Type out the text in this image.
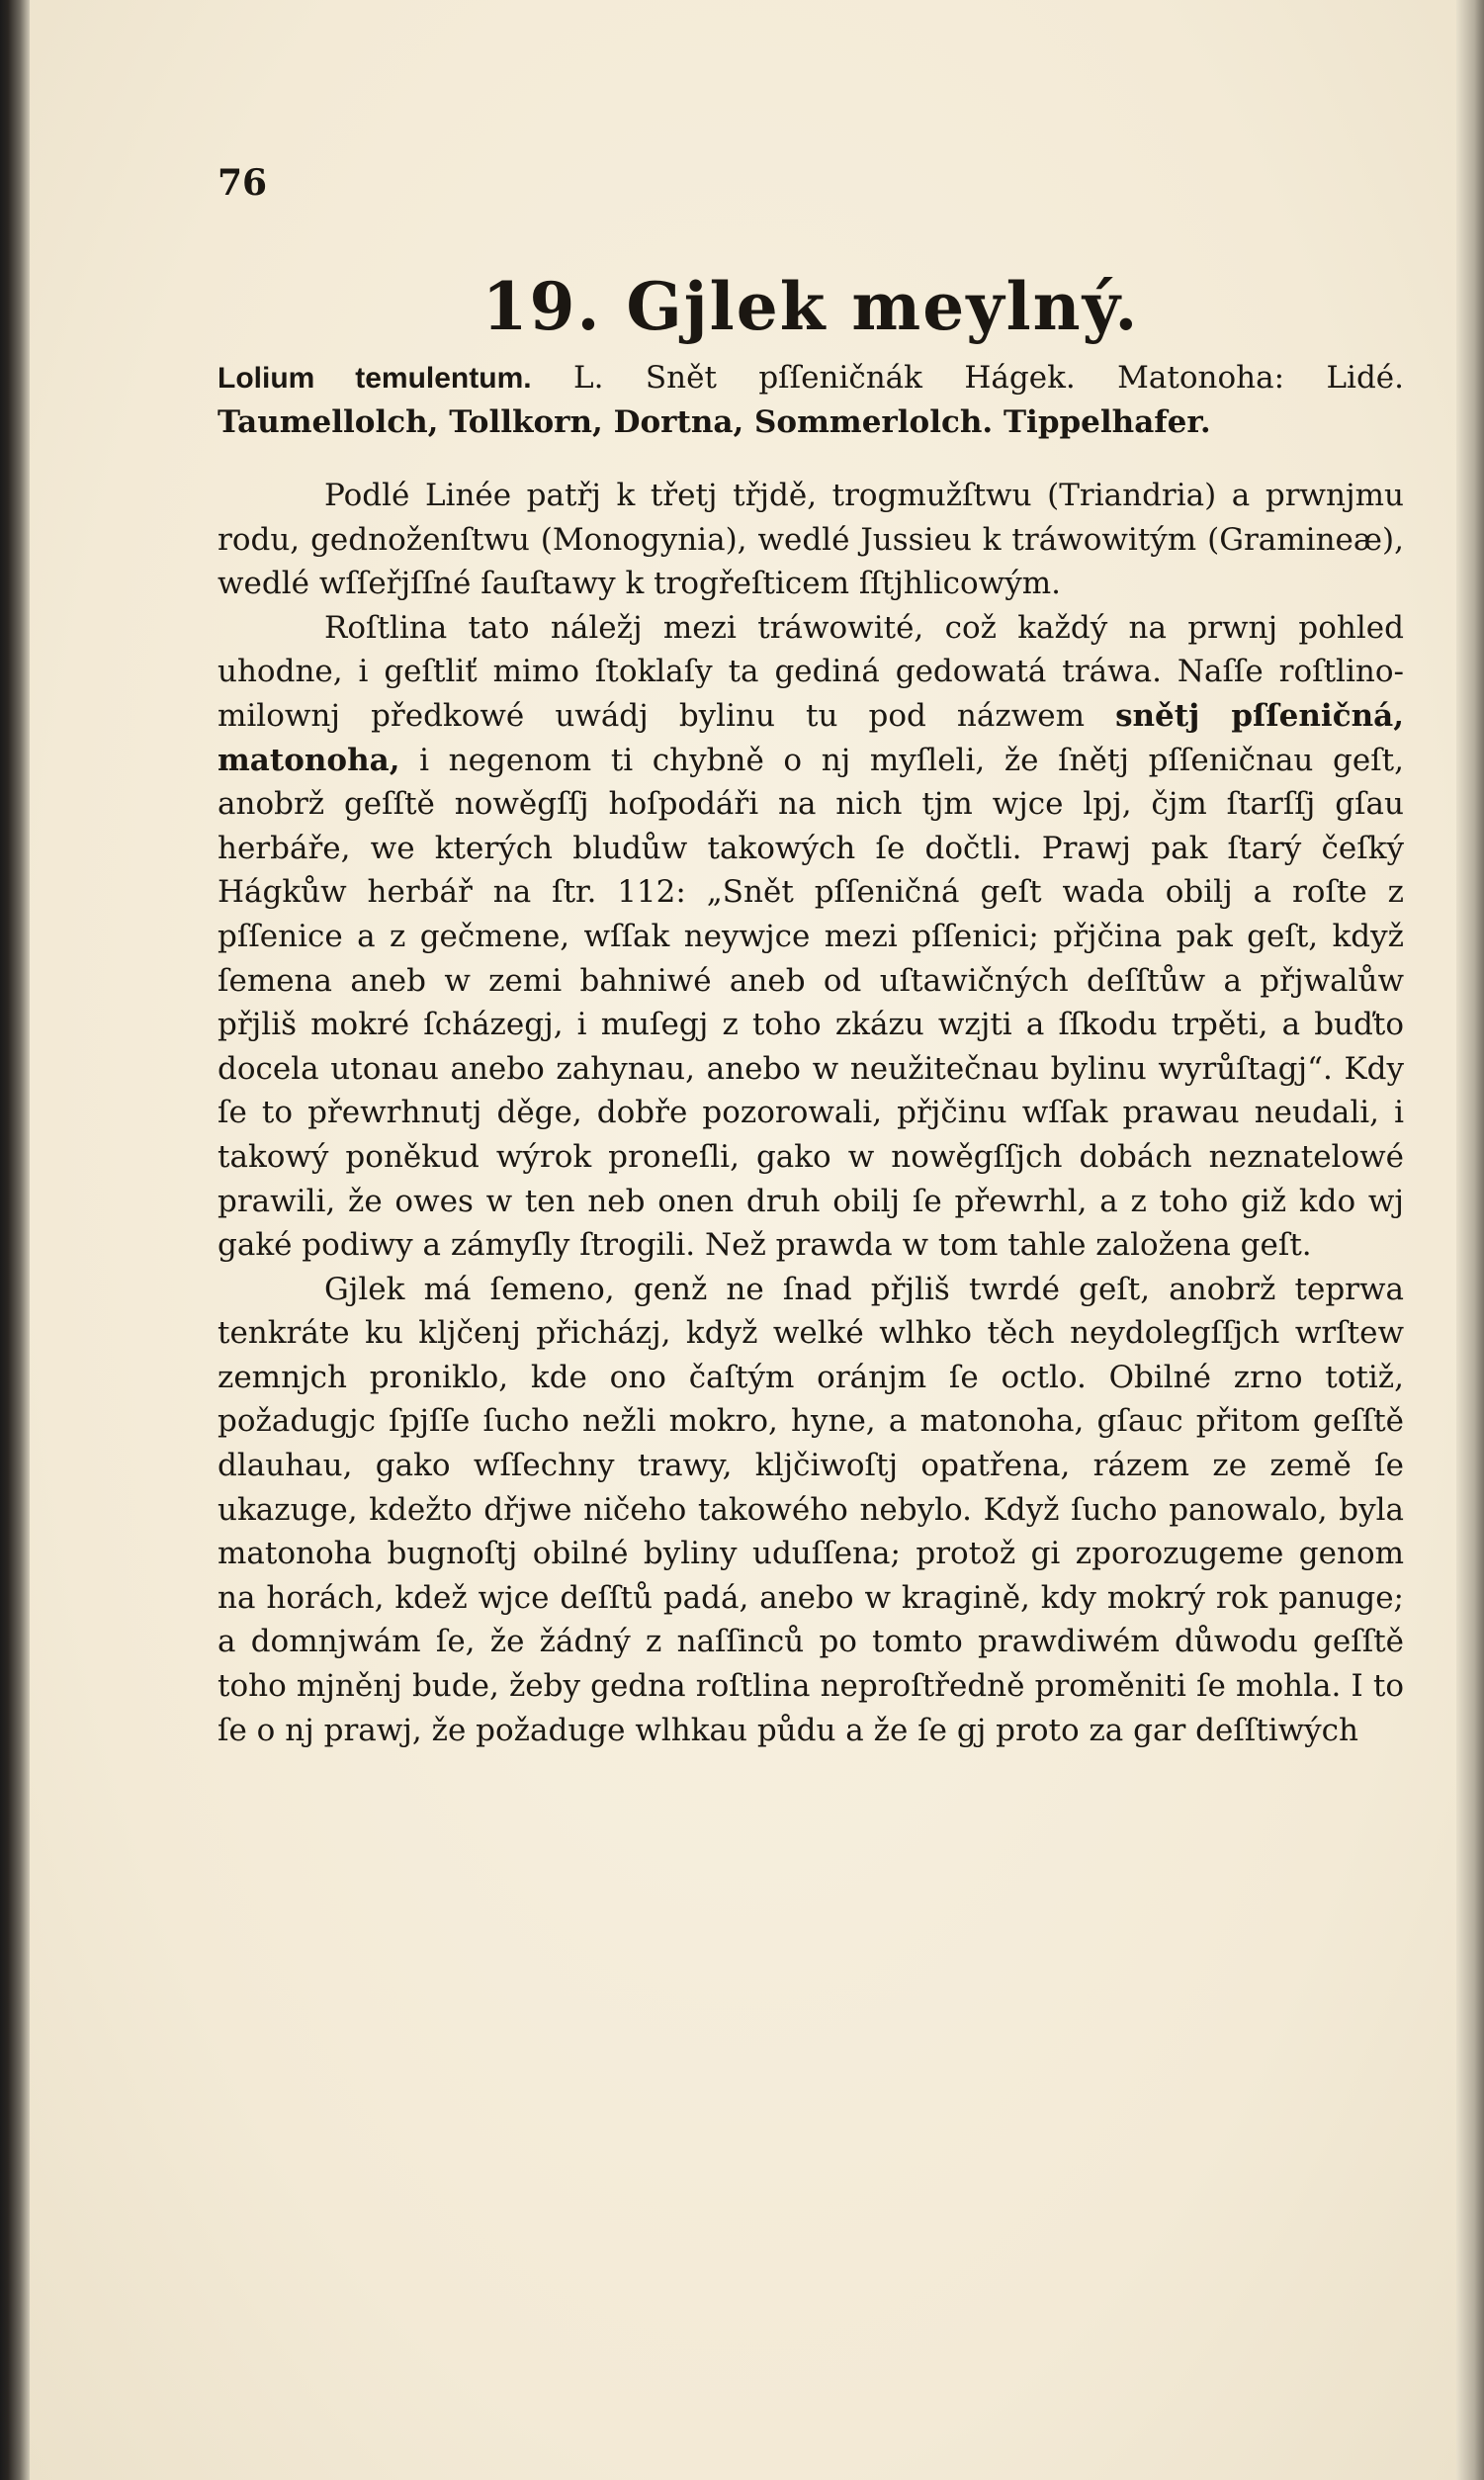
76
19. Gjlek meylný.

Lolium temulentum. L. Snět pſſeničnák Hágek. Matonoha: Lidé. Taumellolch, Tollkorn, Dortna, Sommerlolch. Tippelhafer.

Podlé Linée patřj k třetj třjdě, trogmužſtwu (Triandria) a prwnjmu rodu, gednoženſtwu (Monogynia), wedlé Jussieu k tráwowitým (Gramineæ), wedlé wſſeřjſſné ſauſtawy k trogřeſticem ſſtjhlicowým.

Roſtlina tato náležj mezi tráwowité, což každý na prwnj pohled uhodne, i geſtliť mimo ſtoklaſy ta gediná gedowatá tráwa. Naſſe roſtlino-milownj předkowé uwádj bylinu tu pod názwem snětj pſſeničná, matonoha, i negenom ti chybně o nj myſleli, že ſnětj pſſeničnau geſt, anobrž geſſtě nowěgſſj hoſpodáři na nich tjm wjce lpj, čjm ſtarſſj gſau herbáře, we kterých bludůw takowých ſe dočtli. Prawj pak ſtarý čeſký Hágkůw herbář na ſtr. 112: „Snět pſſeničná geſt wada obilj a roſte z pſſenice a z gečmene, wſſak neywjce mezi pſſenici; přjčina pak geſt, když ſemena aneb w zemi bahniwé aneb od uſtawičných deſſtůw a přjwalůw přjliš mokré ſcházegj, i muſegj z toho zkázu wzjti a ſſkodu trpěti, a buďto docela utonau anebo zahynau, anebo w neužitečnau bylinu wyrůſtagj“. Kdy ſe to přewrhnutj děge, dobře pozorowali, přjčinu wſſak prawau neudali, i takowý poněkud wýrok proneſli, gako w nowěgſſjch dobách neznatelowé prawili, že owes w ten neb onen druh obilj ſe přewrhl, a z toho giž kdo wj gaké podiwy a zámyſly ſtrogili. Než prawda w tom tahle založena geſt.

Gjlek má ſemeno, genž ne ſnad přjliš twrdé geſt, anobrž teprwa tenkráte ku kljčenj přicházj, když welké wlhko těch neydolegſſjch wrſtew zemnjch proniklo, kde ono čaſtým oránjm ſe octlo. Obilné zrno totiž, požadugjc ſpjſſe ſucho nežli mokro, hyne, a matonoha, gſauc přitom geſſtě dlauhau, gako wſſechny trawy, kljčiwoſtj opatřena, rázem ze země ſe ukazuge, kdežto dřjwe ničeho takowého nebylo. Když ſucho panowalo, byla matonoha bugnoſtj obilné byliny uduſſena; protož gi zporozugeme genom na horách, kdež wjce deſſtů padá, anebo w kragině, kdy mokrý rok panuge; a domnjwám ſe, že žádný z naſſinců po tomto prawdiwém důwodu geſſtě toho mjněnj bude, žeby gedna roſtlina neproſtředně proměniti ſe mohla. I to ſe o nj prawj, že požaduge wlhkau půdu a že ſe gj proto za gar deſſtiwých
